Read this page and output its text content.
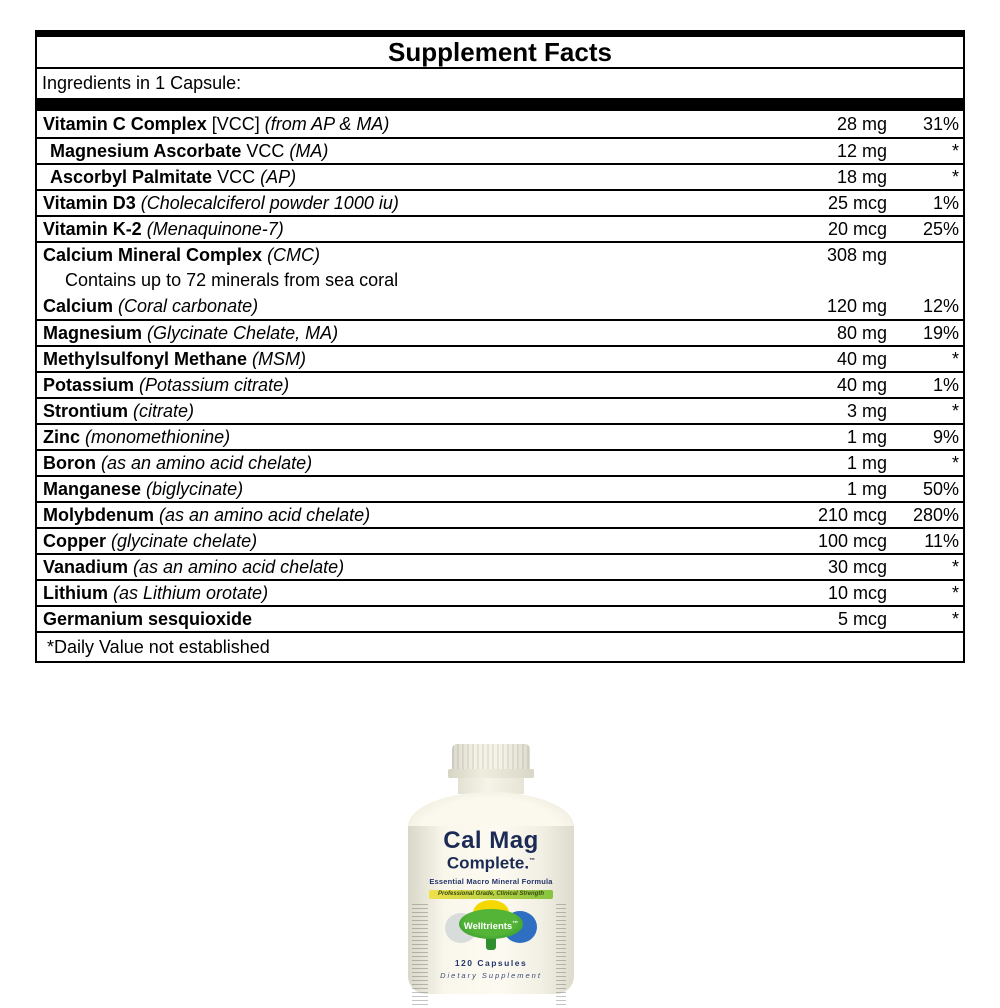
Supplement Facts
Ingredients in 1 Capsule:
Vitamin C Complex [VCC] (from AP & MA)	28 mg	31%
Magnesium Ascorbate VCC (MA)	12 mg	*
Ascorbyl Palmitate VCC (AP)	18 mg	*
Vitamin D3 (Cholecalciferol powder 1000 iu)	25 mcg	1%
Vitamin K-2 (Menaquinone-7)	20 mcg	25%
Calcium Mineral Complex (CMC)	308 mg
Contains up to 72 minerals from sea coral
Calcium (Coral carbonate)	120 mg	12%
Magnesium (Glycinate Chelate, MA)	80 mg	19%
Methylsulfonyl Methane (MSM)	40 mg	*
Potassium (Potassium citrate)	40 mg	1%
Strontium (citrate)	3 mg	*
Zinc (monomethionine)	1 mg	9%
Boron (as an amino acid chelate)	1 mg	*
Manganese (biglycinate)	1 mg	50%
Molybdenum (as an amino acid chelate)	210 mcg	280%
Copper (glycinate chelate)	100 mcg	11%
Vanadium (as an amino acid chelate)	30 mcg	*
Lithium (as Lithium orotate)	10 mcg	*
Germanium sesquioxide	5 mcg	*
*Daily Value not established
Cal Mag
Complete.™
Essential Macro Mineral Formula
Professional Grade, Clinical Strength
Welltrients™
120 Capsules
Dietary Supplement
